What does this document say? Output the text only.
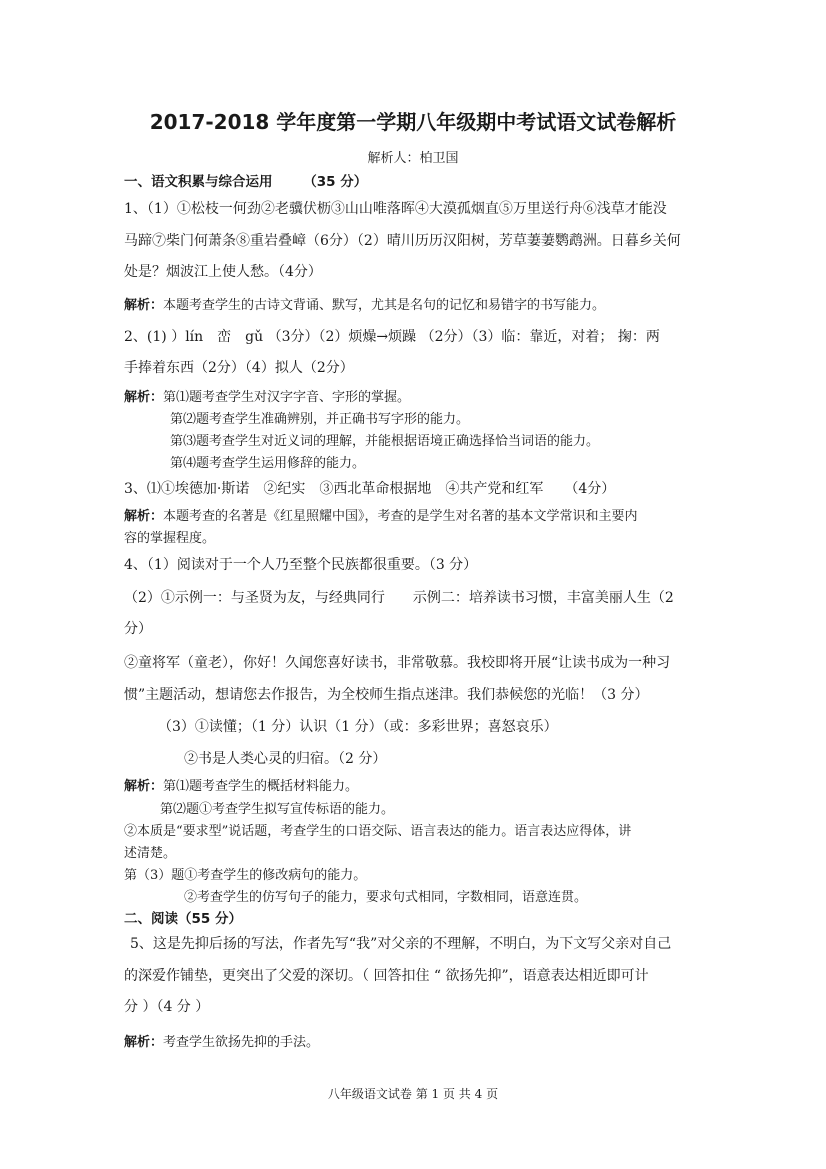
2017-2018 学年度第一学期八年级期中考试语文试卷解析
解析人：柏卫国
一、语文积累与综合运用 （35 分）
1、（1）①松枝一何劲②老骥伏枥③山山唯落晖④大漠孤烟直⑤万里送行舟⑥浅草才能没
马蹄⑦柴门何萧条⑧重岩叠嶂（6分）（2）晴川历历汉阳树，芳草萋萋鹦鹉洲。日暮乡关何
处是？烟波江上使人愁。（4分）
解析：本题考查学生的古诗文背诵、默写，尤其是名句的记忆和易错字的书写能力。
2、(1) ）lín　峦　gǔ （3分）（2）烦燥→烦躁 （2分）（3）临：靠近，对着； 掬：两
手捧着东西（2分）（4）拟人（2分）
解析：第⑴题考查学生对汉字字音、字形的掌握。
第⑵题考查学生准确辨别，并正确书写字形的能力。
第⑶题考查学生对近义词的理解，并能根据语境正确选择恰当词语的能力。
第⑷题考查学生运用修辞的能力。
3、⑴①埃德加·斯诺　②纪实　③西北革命根据地　④共产党和红军　　（4分）
解析：本题考查的名著是《红星照耀中国》，考查的是学生对名著的基本文学常识和主要内
容的掌握程度。
4、（1）阅读对于一个人乃至整个民族都很重要。（3 分）
（2）①示例一：与圣贤为友，与经典同行　　示例二：培养读书习惯，丰富美丽人生（2
分）
②童将军（童老），你好！久闻您喜好读书，非常敬慕。我校即将开展“让读书成为一种习
惯”主题活动，想请您去作报告，为全校师生指点迷津。我们恭候您的光临！（3 分）
（3）①读懂；（1 分）认识（1 分）（或：多彩世界；喜怒哀乐）
②书是人类心灵的归宿。（2 分）
解析：第⑴题考查学生的概括材料能力。
第⑵题①考查学生拟写宣传标语的能力。
②本质是“要求型”说话题，考查学生的口语交际、语言表达的能力。语言表达应得体，讲
述清楚。
第（3）题①考查学生的修改病句的能力。
②考查学生的仿写句子的能力，要求句式相同，字数相同，语意连贯。
二、阅读（55 分）
5、这是先抑后扬的写法，作者先写“我”对父亲的不理解，不明白，为下文写父亲对自己
的深爱作铺垫，更突出了父爱的深切。（ 回答扣住 “ 欲扬先抑”，语意表达相近即可计
分 ）（4 分 ）
解析：考查学生欲扬先抑的手法。
八年级语文试卷 第 1 页 共 4 页
